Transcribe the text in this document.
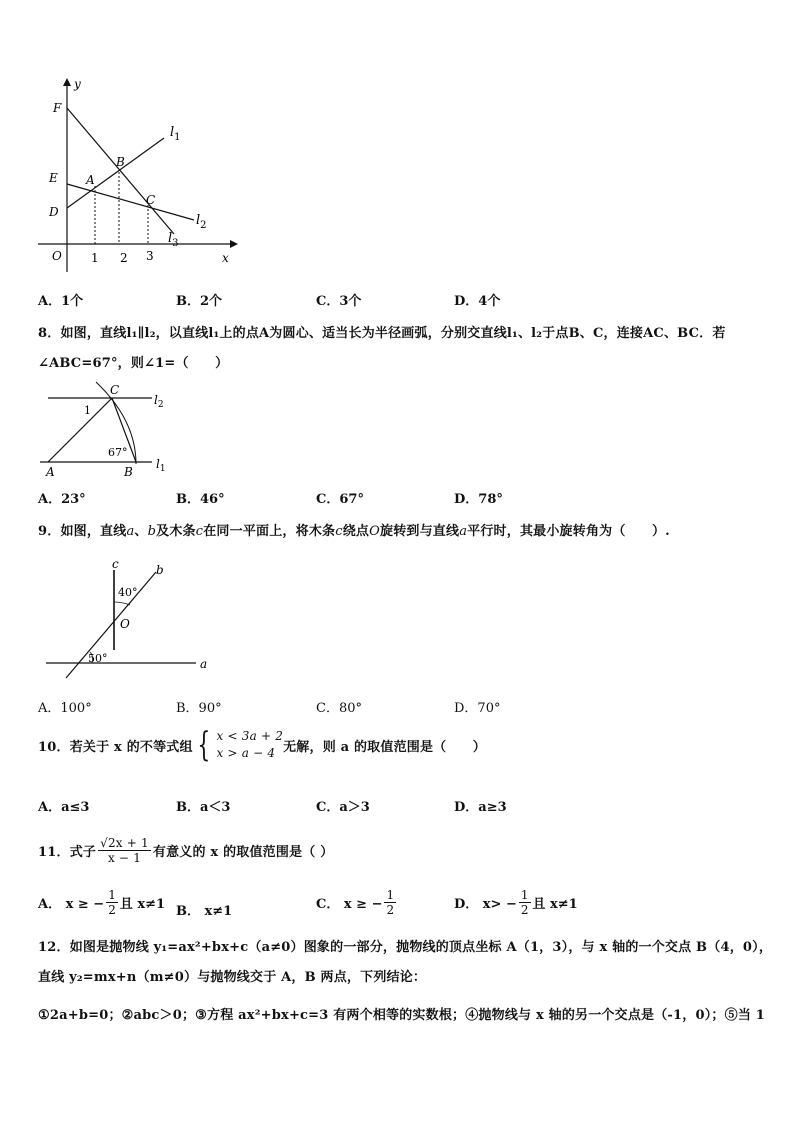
y
x
O 1 2 3
F
E
D
A
B
C
$l_1$
$l_2$
$l_3$
A．1个	B．2个	C．3个	D．4个
8．如图，直线l₁∥l₂，以直线l₁上的点A为圆心、适当长为半径画弧，分别交直线l₁、l₂于点B、C，连接AC、BC．若
∠ABC=67°，则∠1=（　　）
C
1
67°
A	B
$l_2$
$l_1$
A．23°	B．46°	C．67°	D．78°
9．如图，直线a、b及木条c在同一平面上，将木条c绕点O旋转到与直线a平行时，其最小旋转角为（　　）.
c	b
40°
O
50°	a
A．100°	B．90°	C．80°	D．70°
10．若关于 x 的不等式组 { x < 3a + 2
x > a − 4 无解，则 a 的取值范围是（　　）
A．a≤3	B．a＜3	C．a＞3	D．a≥3
11．式子 $\frac{√2x + 1}{x - 1}$ 有意义的 x 的取值范围是（ ）
A． x ≥ − $\frac{1}{2}$ 且 x≠1 B． x≠1	C． x ≥ − $\frac{1}{2}$	D． $x> - \frac{1}{2}$ 且 x≠1
12．如图是抛物线 y₁=ax²+bx+c（a≠0）图象的一部分，抛物线的顶点坐标 A（1，3），与 x 轴的一个交点 B（4，0），
直线 y₂=mx+n（m≠0）与抛物线交于 A，B 两点，下列结论：
①2a+b=0；②abc＞0；③方程 ax²+bx+c=3 有两个相等的实数根；④抛物线与 x 轴的另一个交点是（-1，0）；⑤当 1
